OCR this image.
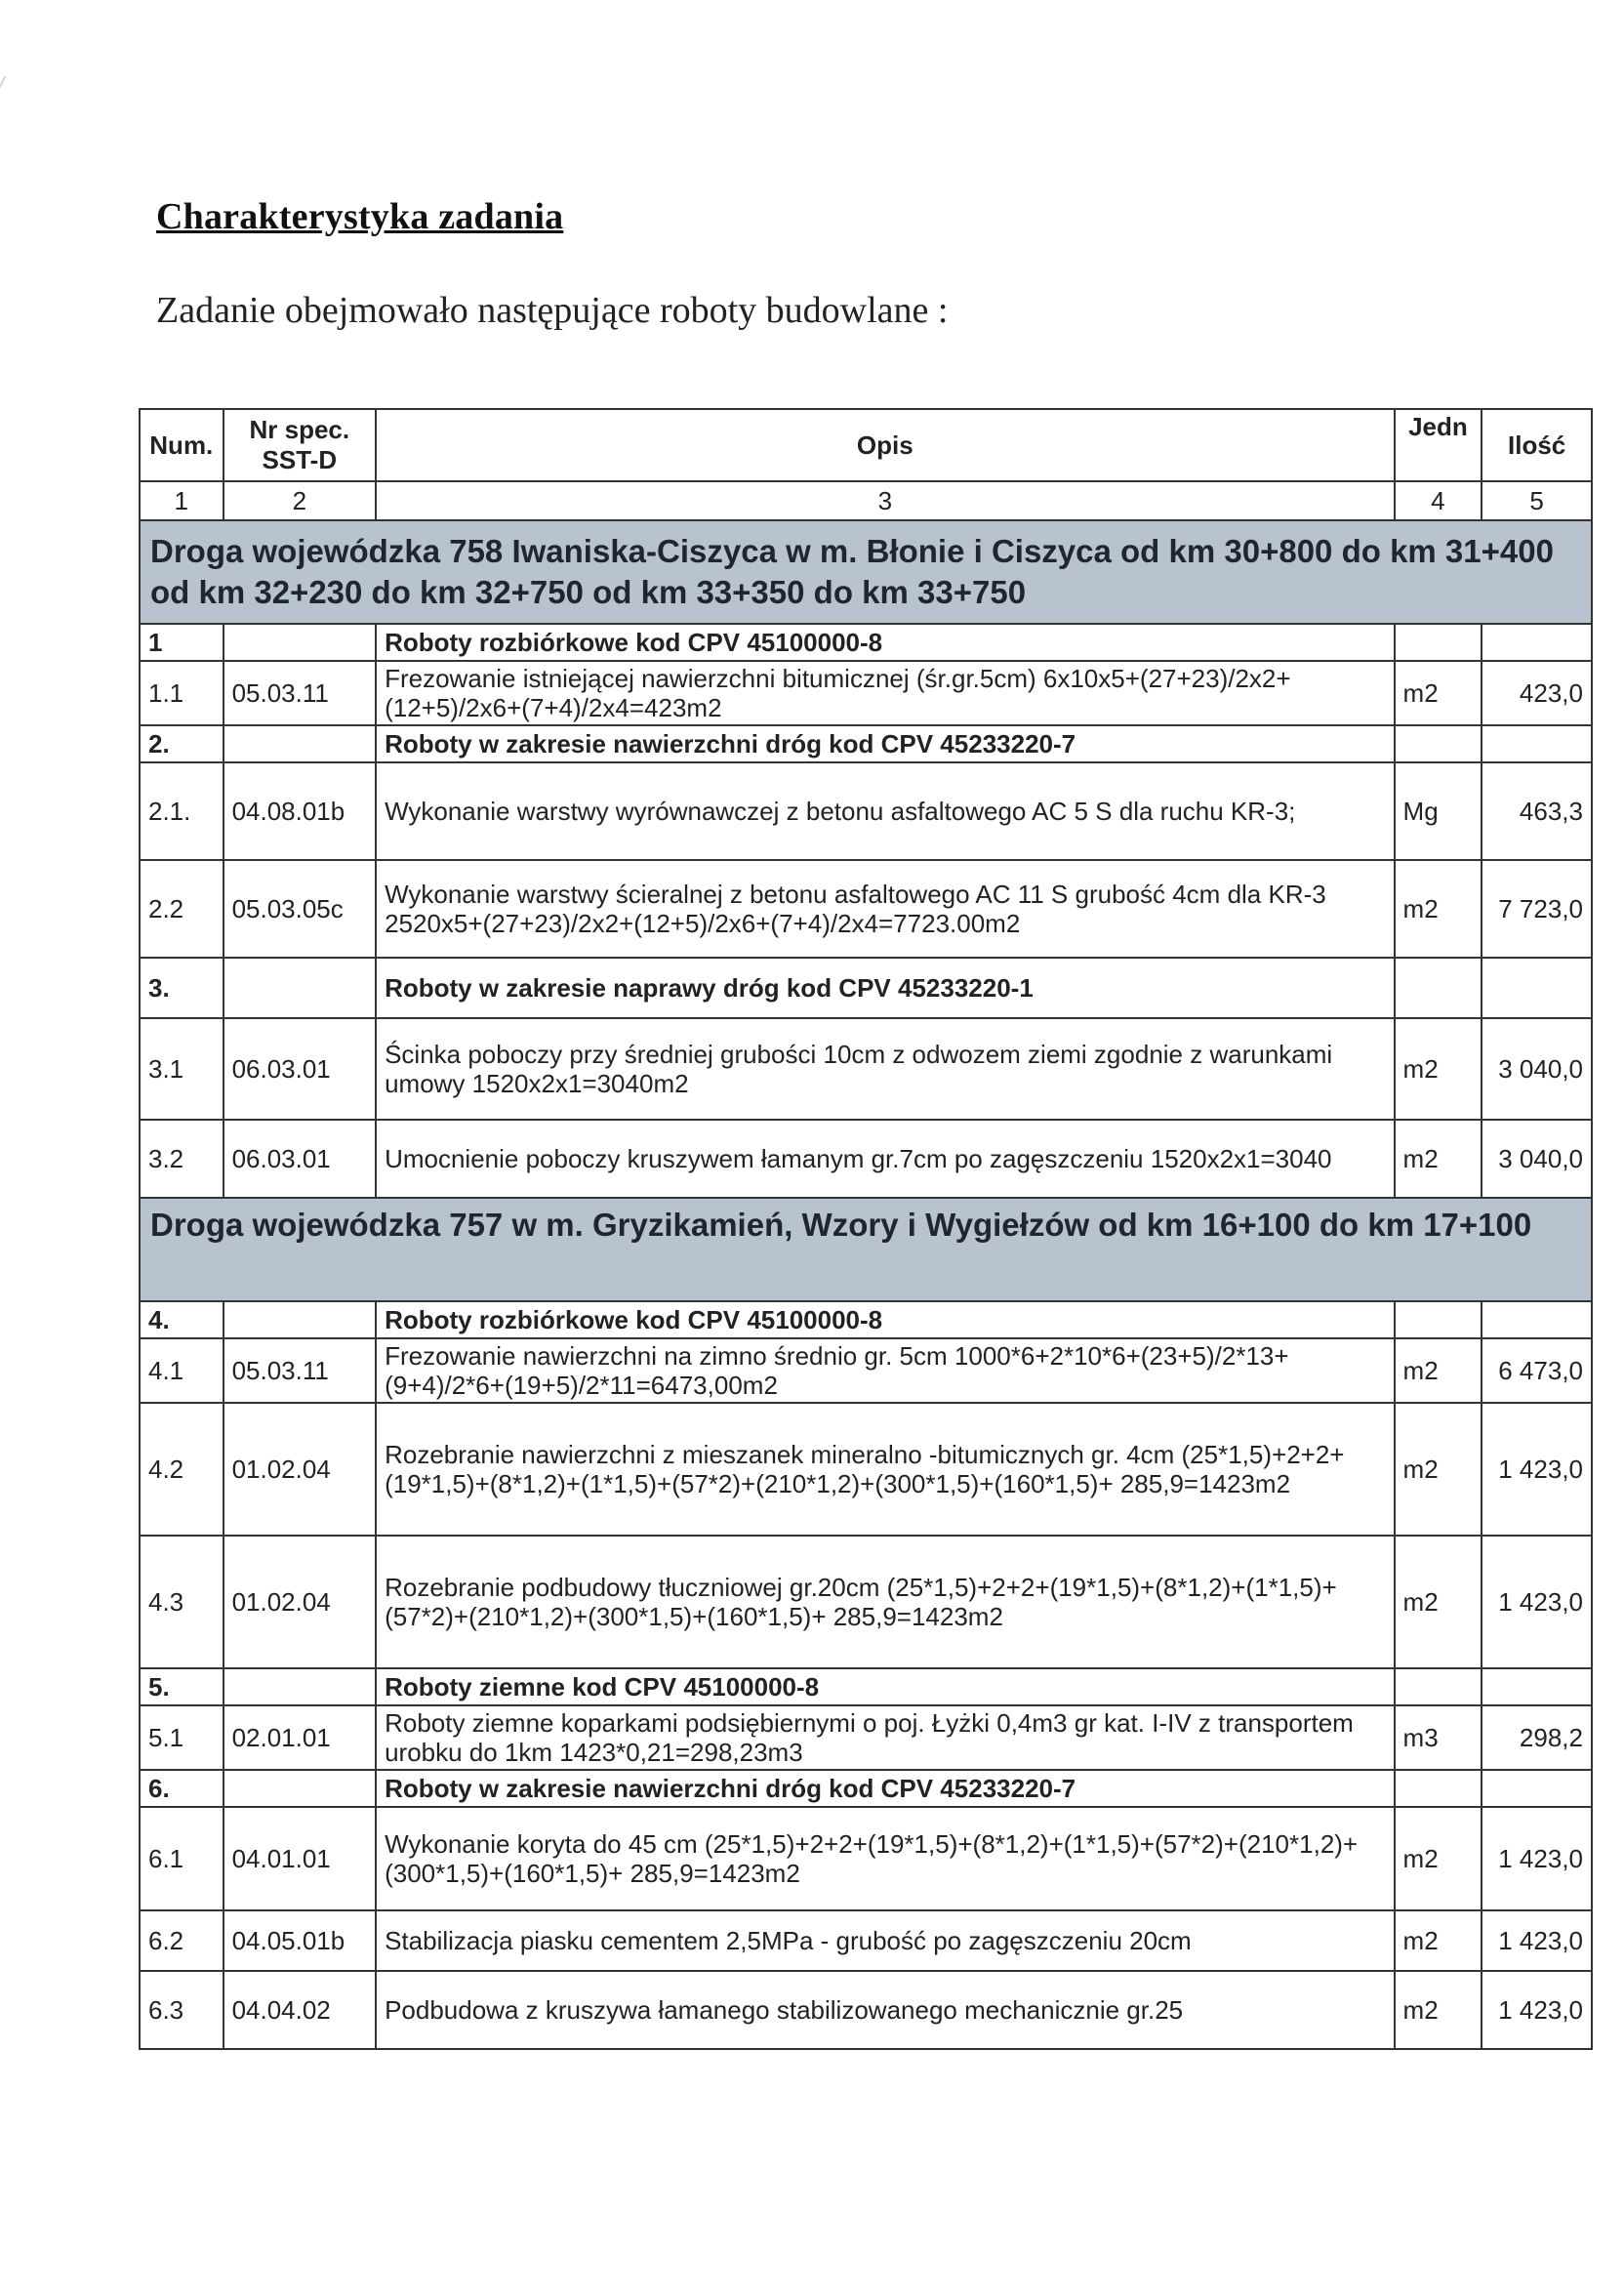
Charakterystyka zadania
Zadanie obejmowało następujące roboty budowlane :
Num.	Nr spec. SST-D	Opis	Jedn	Ilość
1	2	3	4	5
Droga wojewódzka 758 Iwaniska-Ciszyca w m. Błonie i Ciszyca od km 30+800 do km 31+400 od km 32+230 do km 32+750 od km 33+350 do km 33+750				
1		Roboty rozbiórkowe kod CPV 45100000-8		
1.1	05.03.11	Frezowanie istniejącej nawierzchni bitumicznej (śr.gr.5cm) 6x10x5+(27+23)/2x2+(12+5)/2x6+(7+4)/2x4=423m2	m2	423,0
2.		Roboty w zakresie nawierzchni dróg kod CPV 45233220-7		
2.1.	04.08.01b	Wykonanie warstwy wyrównawczej z betonu asfaltowego AC 5 S dla ruchu KR-3;	Mg	463,3
2.2	05.03.05c	Wykonanie warstwy ścieralnej z betonu asfaltowego AC 11 S grubość 4cm dla KR-3 2520x5+(27+23)/2x2+(12+5)/2x6+(7+4)/2x4=7723.00m2	m2	7 723,0
3.		Roboty w zakresie naprawy dróg kod CPV 45233220-1		
3.1	06.03.01	Ścinka poboczy przy średniej grubości 10cm z odwozem ziemi zgodnie z warunkami umowy 1520x2x1=3040m2	m2	3 040,0
3.2	06.03.01	Umocnienie poboczy kruszywem łamanym gr.7cm po zagęszczeniu 1520x2x1=3040	m2	3 040,0
Droga wojewódzka 757 w m. Gryzikamień, Wzory i Wygiełzów od km 16+100 do km 17+100				
4.		Roboty rozbiórkowe kod CPV 45100000-8		
4.1	05.03.11	Frezowanie nawierzchni na zimno średnio gr. 5cm 1000*6+2*10*6+(23+5)/2*13+(9+4)/2*6+(19+5)/2*11=6473,00m2	m2	6 473,0
4.2	01.02.04	Rozebranie nawierzchni z mieszanek mineralno -bitumicznych gr. 4cm (25*1,5)+2+2+(19*1,5)+(8*1,2)+(1*1,5)+(57*2)+(210*1,2)+(300*1,5)+(160*1,5)+ 285,9=1423m2	m2	1 423,0
4.3	01.02.04	Rozebranie podbudowy tłuczniowej gr.20cm (25*1,5)+2+2+(19*1,5)+(8*1,2)+(1*1,5)+(57*2)+(210*1,2)+(300*1,5)+(160*1,5)+ 285,9=1423m2	m2	1 423,0
5.		Roboty ziemne kod CPV 45100000-8		
5.1	02.01.01	Roboty ziemne koparkami podsiębiernymi o poj. Łyżki 0,4m3 gr kat. I-IV z transportem urobku do 1km 1423*0,21=298,23m3	m3	298,2
6.		Roboty w zakresie nawierzchni dróg kod CPV 45233220-7		
6.1	04.01.01	Wykonanie koryta do 45 cm (25*1,5)+2+2+(19*1,5)+(8*1,2)+(1*1,5)+(57*2)+(210*1,2)+(300*1,5)+(160*1,5)+ 285,9=1423m2	m2	1 423,0
6.2	04.05.01b	Stabilizacja piasku cementem 2,5MPa - grubość po zagęszczeniu 20cm	m2	1 423,0
6.3	04.04.02	Podbudowa z kruszywa łamanego stabilizowanego mechanicznie gr.25	m2	1 423,0
